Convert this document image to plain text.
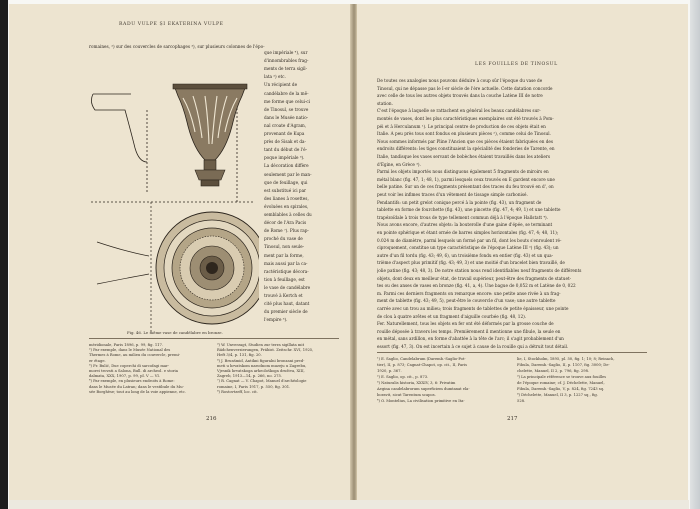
RADU VULPE ȘI EKATERINA VULPE
romaines, ²) sur des couvercles de sarcophages ³), sur plusieurs colonnes de l'épo-
que impériale ⁴), sur
d'innombrables frag-
ments de terra sigil-
lata ⁵) etc.
Un récipient de
candélabre de la mê-
me forme que celui-ci
de Tinosul, se trouve
dans le Musée natio-
nal croate d'Agram,
provenant de Kupa
près de Sisak et da-
tant du début de l'é-
poque impériale ⁶).
La décoration diffère
seulement par le man-
que de feuillage, qui
est substitué ici par
des lianes à rosettes,
évoluées en spirales,
semblables à celles du
décor de l'Ara Pacis
de Rome ⁷). Plus rap-
proché du vase de
Tinosul, non seule-
ment par la forme,
mais aussi par la ca-
ractéristique décora-
tion à feuillage, est
le vase de candélabre
trouvé à Kertch et
cité plus haut, datant
du premier siècle de
l'empire ⁸).
Fig. 46. Le même vase de candélabre en bronze.
méridionale, Paris 1896, p. 99, fig. 117.
²) Par exemple, dans le Musée National des
Thermes à Rome, au milieu du couvercle, premi-
er étage.
³) Fr. Bulić, Due coperchi di sarcofagi mar-
morei trovati a Salona, Bull. di archeol. e storia
dalmata, XXX, 1907, p. 99, pl. V — VI.
⁴) Par exemple, en plusieurs endroits à Rome:
dans le Musée du Latran; dans le vestibule du Mu-
sée Borghèse; tout au long de la voie appienne, etc.
⁵) W. Unverzagt, Studien zur terra sigillata mit
Rädchenverzierungen, Prähist. Zeitschr. XVI, 1925,
Heft 3/4, p. 131, fig. 20.
⁶) J. Brunšmid, Antikni figuralni bronzani pred-
meti u hrvatskom narodnom muzeju u Zagrebu,
Vjesnik hrvatskoga arheološkoga društva, XIII,
Zagreb, 1913—14, p. 266, no. 275.
⁷) R. Cagnat — V. Chapot, Manuel d'archéologie
romaine, I, Paris 1917, p. 550, fig. 301.
⁸) Rostovtzeff, loc. cit.
216
LES FOUILLES DE TINOSUL
De toutes ces analogies nous pouvons déduire à coup sûr l'époque du vase de
Tinosul, qui ne dépasse pas le I-er siècle de l'ère actuelle. Cette datation concorde
avec celle de tous les autres objets trouvés dans la couche Latène III de notre
station.
C'est l'époque à laquelle se rattachent en général les beaux candélabres sur-
montés de vases, dont les plus caractéristiques exemplaires ont été trouvés à Pom-
péi et à Herculanum ¹). Le principal centre de production de ces objets était en
Italie. A peu près tous sont fondus en plusieurs pièces ²), comme celui de Tinosul.
Nous sommes informés par Pline l'Ancien que ces pièces étaient fabriquées en des
endroits différents: les tiges constituaient la spécialité des fonderies de Tarente, en
Italie, tandisque les vases servant de bobèches étaient travaillés dans les ateliers
d'Égine, en Grèce ³).
Parmi les objets importés nous distinguons également 5 fragments de miroirs en
métal blanc (fig. 47, 1; 48, 1), parmi lesquels ceux trouvés en E gardent encore une
belle patine. Sur un de ces fragments présentant des traces du feu trouvé en d', on
peut voir les infimes traces d'un vêtement de tissage simple carbonisé.
Pendantifs: un petit grelot conique percé à la pointe (fig. 43), un fragment de
tablette en forme de fourchette (fig. 43), une pincette (fig. 47, 4; 49, 1) et une tablette
trapézoïdale à trois trous de type tellement commun déjà à l'époque Hallstatt ⁴).
Nous avons encore, d'autres objets: la bouterolle d'une gaine d'épée, se terminant
en pointe sphérique et étant ornée de barres simples horizontales (fig. 47, 4; 48, 11);
0.024 m de diamètre, parmi lesquels un formé par un fil, dont les bouts s'enroulent ré-
ciproquement, constitue un type caractéristique de l'époque Latène III ⁵) (fig. 43); un
autre d'un fil tordu (fig. 43; 49, 6), un troisième fondu en entier (fig. 43) et un qua-
trième d'aspect plus primitif (fig. 43; 49, 3) et une moitié d'un bracelet bien travaillé, de
jolie patine (fig. 43; 48, 3). De notre station nous rend identifiables neuf fragments de différents
objets, dont deux en meilleur état, de travail supérieur, peut-être des fragments de statuet-
tes ou des anses de vases en bronze (fig. 41, a, 4). Une bague de 0,052 m et Latène de 0, 022
m. Parmi ces derniers fragments on remarque encore: une petite anse rivée à un frag-
ment de tablette (fig. 43; 49, 5), peut-être le couvercle d'un vase; une autre tablette
carrée avec un trou au milieu; trois fragments de tablettes de petite épaisseur, une pointe
de clou à quatre arêtes et un fragment d'aiguille courbée (fig. 48, 12).
Fer. Naturellement, tous les objets en fer ont été déformés par la grosse couche de
rouille déposée à travers les temps. Premièrement il mentionne une fibule, la seule en
en métal, sans ardillon, en forme d'abattée à la tête de l'arc; il s'agit probablement d'un
essort (fig. 47, 3). On est incertain à ce sujet à cause de la rouille qui a détruit tout détail.
¹) E. Saglio, Candelabrum (Daremb.-Saglio-Pot-
tier), II, p. 873; Cagnat-Chapot, op. cit., II, Paris
1920, p. 367.
²) E. Saglio, op. cit., p. 873.
³) Naturalis historia, XXXIV, 3, 6: Privatim
Aegina candelabrorum superficiem dumtaxat ela-
boravit, sicut Tarentum scapos.
⁴) O. Montelius, La civilisation primitive en Ita-
lie, I, Stockholm, 1895, pl. 50, fig. 1; 10; 8; Reinach,
Fibula, Daremb.-Saglio, II, p. 1107, fig. 3000; De-
chelette, Manuel, II 2, p. 796, fig. 298.
⁵) La principale référence se trouve aux fouilles
de l'époque romaine; cf. J. Déchelette, Manuel,
Fibula, Daremb.-Saglio, V, p. 824, fig. 7243 sq.
⁶) Déchelette, Manuel, II 3, p. 1227 sq., fig.
528.
217
